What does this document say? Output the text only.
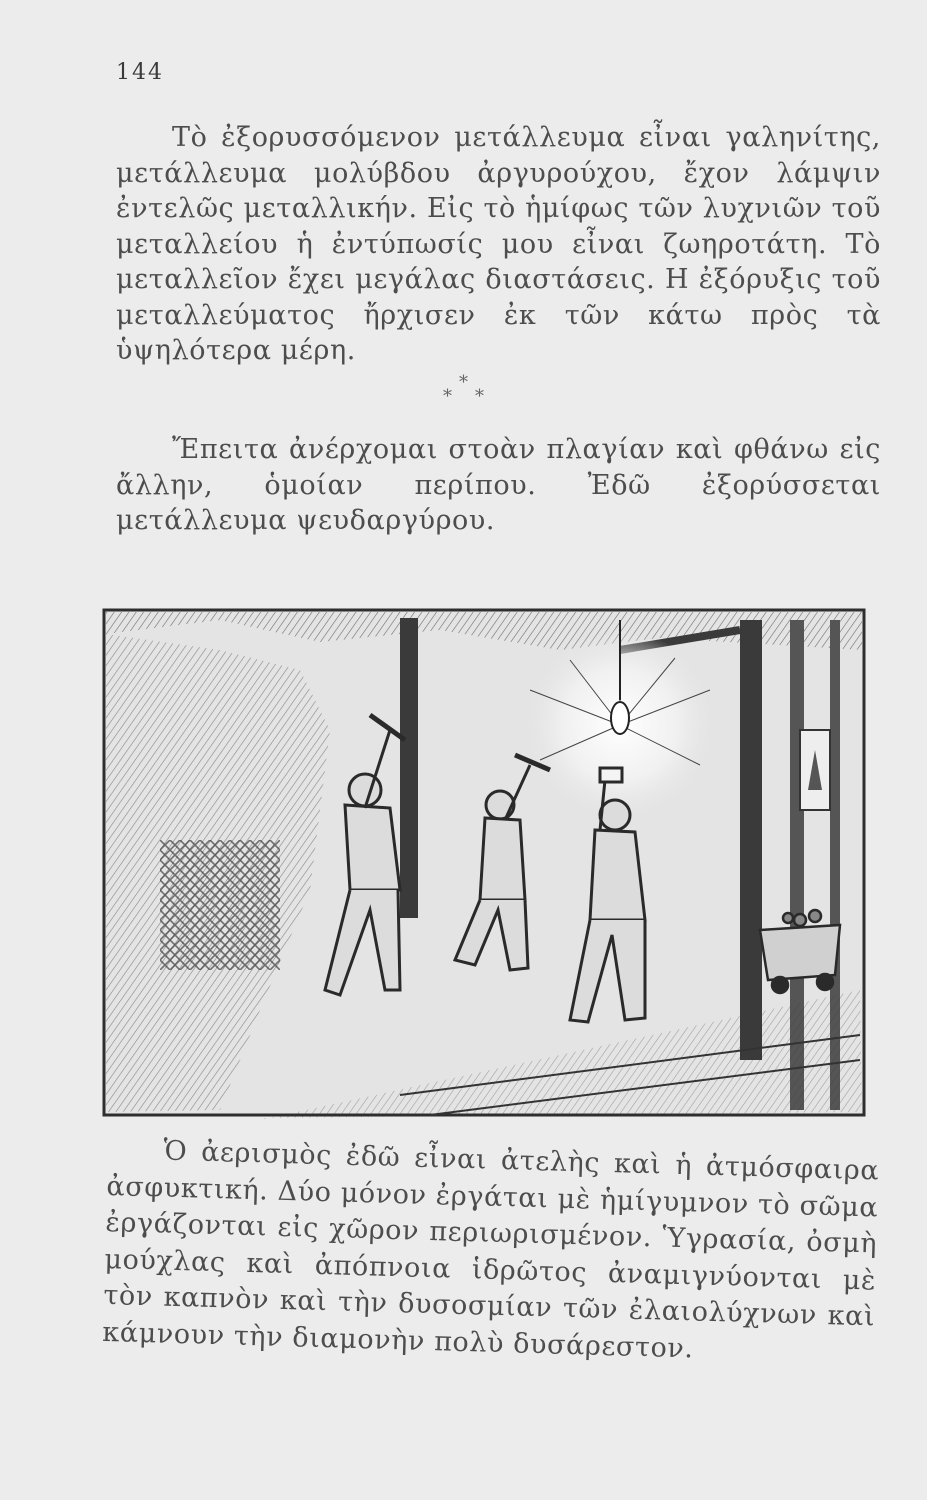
144

Τὸ ἐξορυσσόμενον μετάλλευμα εἶναι γαληνίτης, μετάλλευμα μολύβδου ἀργυρούχου, ἔχον λάμψιν ἐντελῶς μεταλλικήν. Εἰς τὸ ἡμίφως τῶν λυχνιῶν τοῦ μεταλλείου ἡ ἐντύπωσίς μου εἶναι ζωηροτάτη. Τὸ μεταλλεῖον ἔχει μεγάλας διαστάσεις. Η ἐξόρυξις τοῦ μεταλλεύματος ἤρχισεν ἐκ τῶν κάτω πρὸς τὰ ὑψηλότερα μέρη.

*
* *

Ἔπειτα ἀνέρχομαι στοὰν πλαγίαν καὶ φθάνω εἰς ἄλλην, ὁμοίαν περίπου. Ἐδῶ ἐξορύσσεται μετάλλευμα ψευδαργύρου.

Ὁ ἀερισμὸς ἐδῶ εἶναι ἀτελὴς καὶ ἡ ἀτμόσφαιρα ἀσφυκτική. Δύο μόνον ἐργάται μὲ ἡμίγυμνον τὸ σῶμα ἐργάζονται εἰς χῶρον περιωρισμένον. Ὑγρασία, ὀσμὴ μούχλας καὶ ἀπόπνοια ἱδρῶτος ἀναμιγνύονται μὲ τὸν καπνὸν καὶ τὴν δυσοσμίαν τῶν ἐλαιολύχνων καὶ κάμνουν τὴν διαμονὴν πολὺ δυσάρεστον.
